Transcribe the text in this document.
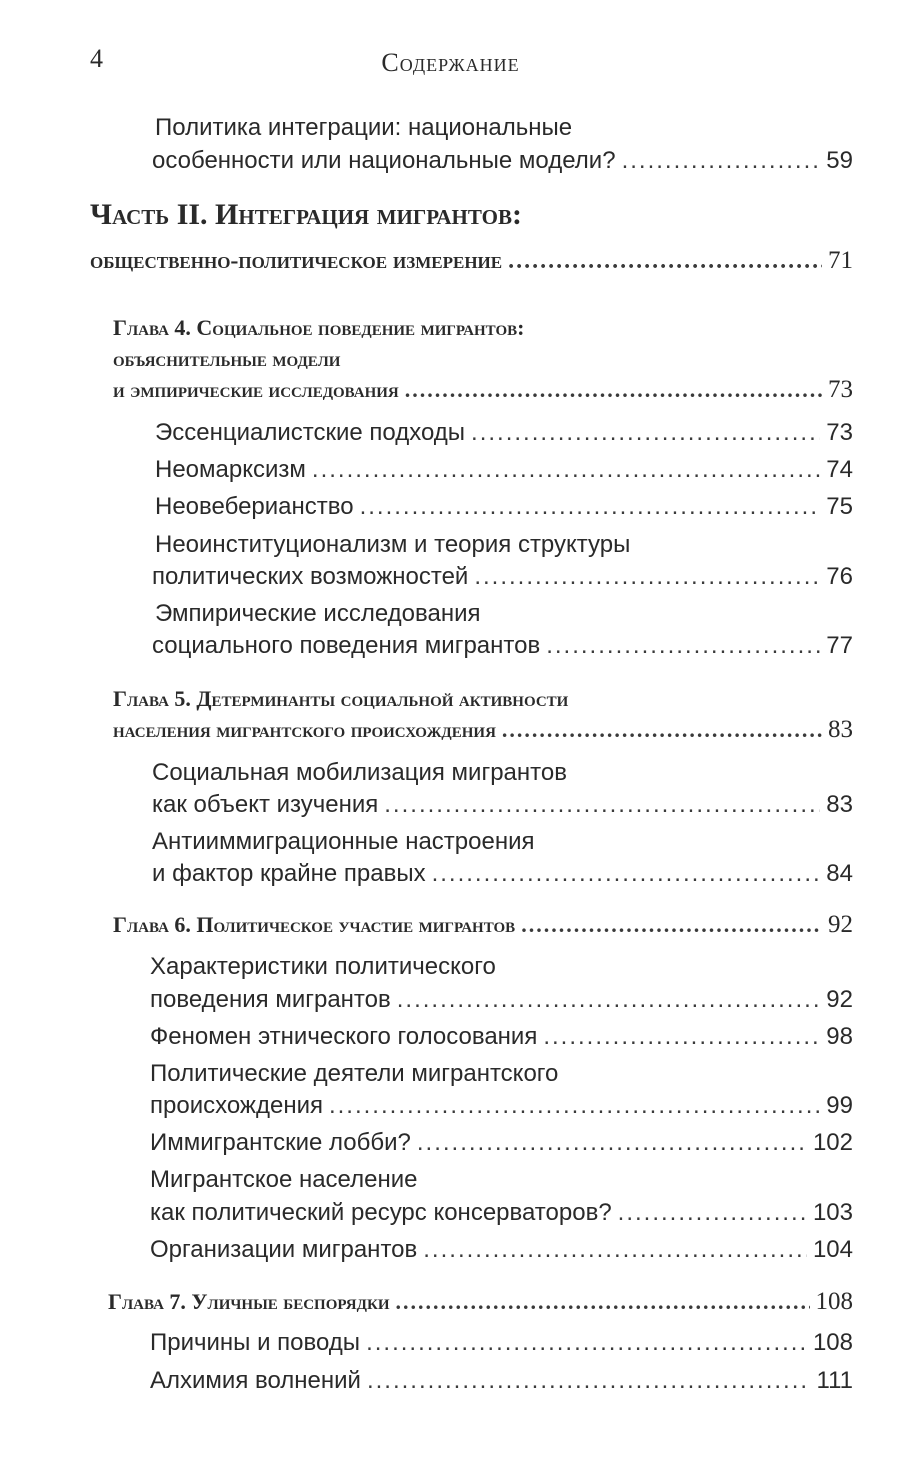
4	Содержание
Политика интеграции: национальные
особенности или национальные модели? .....	59
Часть II. Интеграция мигрантов:
общественно-политическое измерение .....	71
Глава 4. Социальное поведение мигрантов:
объяснительные модели
и эмпирические исследования .....	73
Эссенциалистские подходы .....	73
Неомарксизм .....	74
Неовеберианство .....	75
Неоинституционализм и теория структуры
политических возможностей .....	76
Эмпирические исследования
социального поведения мигрантов .....	77
Глава 5. Детерминанты социальной активности
населения мигрантского происхождения .....	83
Социальная мобилизация мигрантов
как объект изучения .....	83
Антииммиграционные настроения
и фактор крайне правых .....	84
Глава 6. Политическое участие мигрантов .....	92
Характеристики политического
поведения мигрантов .....	92
Феномен этнического голосования .....	98
Политические деятели мигрантского
происхождения .....	99
Иммигрантские лобби? .....	102
Мигрантское население
как политический ресурс консерваторов? .....	103
Организации мигрантов .....	104
Глава 7. Уличные беспорядки .....	108
Причины и поводы .....	108
Алхимия волнений .....	111
